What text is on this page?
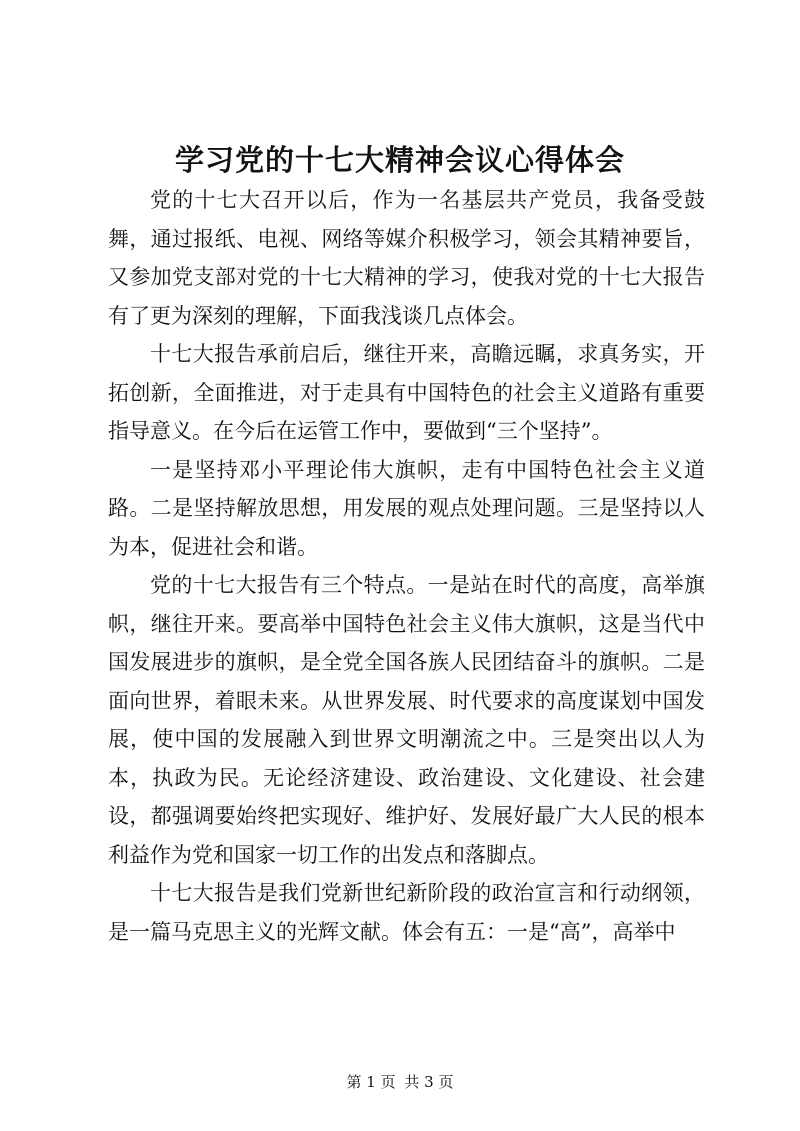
学习党的十七大精神会议心得体会

党的十七大召开以后，作为一名基层共产党员，我备受鼓舞，通过报纸、电视、网络等媒介积极学习，领会其精神要旨，又参加党支部对党的十七大精神的学习，使我对党的十七大报告有了更为深刻的理解，下面我浅谈几点体会。

十七大报告承前启后，继往开来，高瞻远瞩，求真务实，开拓创新，全面推进，对于走具有中国特色的社会主义道路有重要指导意义。在今后在运管工作中，要做到“三个坚持”。

一是坚持邓小平理论伟大旗帜，走有中国特色社会主义道路。二是坚持解放思想，用发展的观点处理问题。三是坚持以人为本，促进社会和谐。

党的十七大报告有三个特点。一是站在时代的高度，高举旗帜，继往开来。要高举中国特色社会主义伟大旗帜，这是当代中国发展进步的旗帜，是全党全国各族人民团结奋斗的旗帜。二是面向世界，着眼未来。从世界发展、时代要求的高度谋划中国发展，使中国的发展融入到世界文明潮流之中。三是突出以人为本，执政为民。无论经济建设、政治建设、文化建设、社会建设，都强调要始终把实现好、维护好、发展好最广大人民的根本利益作为党和国家一切工作的出发点和落脚点。

十七大报告是我们党新世纪新阶段的政治宣言和行动纲领，是一篇马克思主义的光辉文献。体会有五：一是“高”，高举中

第 1 页 共 3 页
